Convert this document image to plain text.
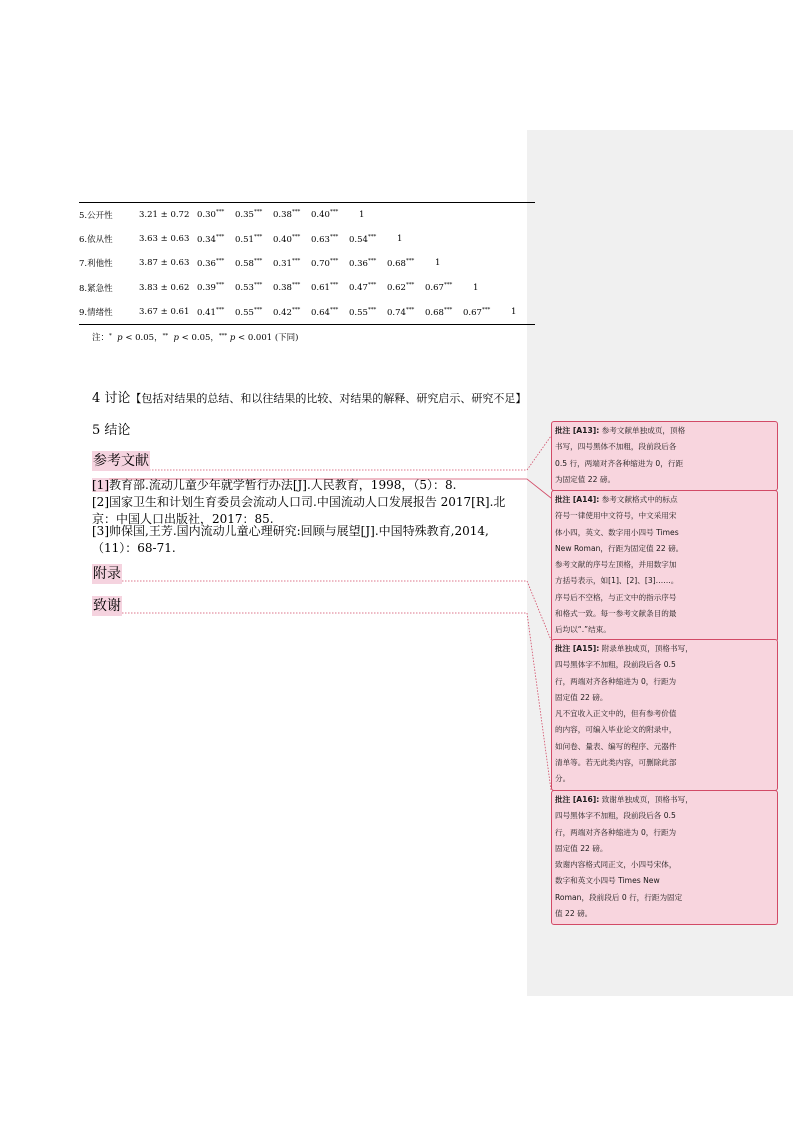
5.公开性	3.21 ± 0.72	0.30***	0.35***	0.38***	0.40***	1				
6.依从性	3.63 ± 0.63	0.34***	0.51***	0.40***	0.63***	0.54***	1			
7.利他性	3.87 ± 0.63	0.36***	0.58***	0.31***	0.70***	0.36***	0.68***	1		
8.紧急性	3.83 ± 0.62	0.39***	0.53***	0.38***	0.61***	0.47***	0.62***	0.67***	1	
9.情绪性	3.67 ± 0.61	0.41***	0.55***	0.42***	0.64***	0.55***	0.74***	0.68***	0.67***	1
注：* p < 0.05，** p < 0.05，*** p < 0.001 (下同)
4 讨论【包括对结果的总结、和以往结果的比较、对结果的解释、研究启示、研究不足】
5 结论
参考文献
[1]教育部.流动儿童少年就学暂行办法[J].人民教育，1998，（5）：8.
[2]国家卫生和计划生育委员会流动人口司.中国流动人口发展报告 2017[R].北京：中国人口出版社，2017：85.
[3]帅保国,王芳.国内流动儿童心理研究:回顾与展望[J].中国特殊教育,2014,（11）：68-71.
附录
致谢
批注 [A13]: 参考文献单独成页，顶格
书写，四号黑体不加粗，段前段后各
0.5 行，两端对齐各种缩进为 0，行距
为固定值 22 磅。
批注 [A14]: 参考文献格式中的标点
符号一律使用中文符号，中文采用宋
体小四，英文、数字用小四号 Times
New Roman，行距为固定值 22 磅。
参考文献的序号左顶格，并用数字加
方括号表示，如[1]、[2]、[3]……。
序号后不空格，与正文中的指示序号
和格式一致。每一参考文献条目的最
后均以“.”结束。
批注 [A15]: 附录单独成页，顶格书写，
四号黑体字不加粗，段前段后各 0.5
行，两端对齐各种缩进为 0，行距为
固定值 22 磅。
凡不宜收入正文中的，但有参考价值
的内容，可编入毕业论文的附录中，
如问卷、量表、编写的程序、元器件
清单等。若无此类内容，可删除此部
分。
批注 [A16]: 致谢单独成页，顶格书写，
四号黑体字不加粗，段前段后各 0.5
行，两端对齐各种缩进为 0，行距为
固定值 22 磅。
致谢内容格式同正文，小四号宋体，
数字和英文小四号 Times New
Roman，段前段后 0 行，行距为固定
值 22 磅。
